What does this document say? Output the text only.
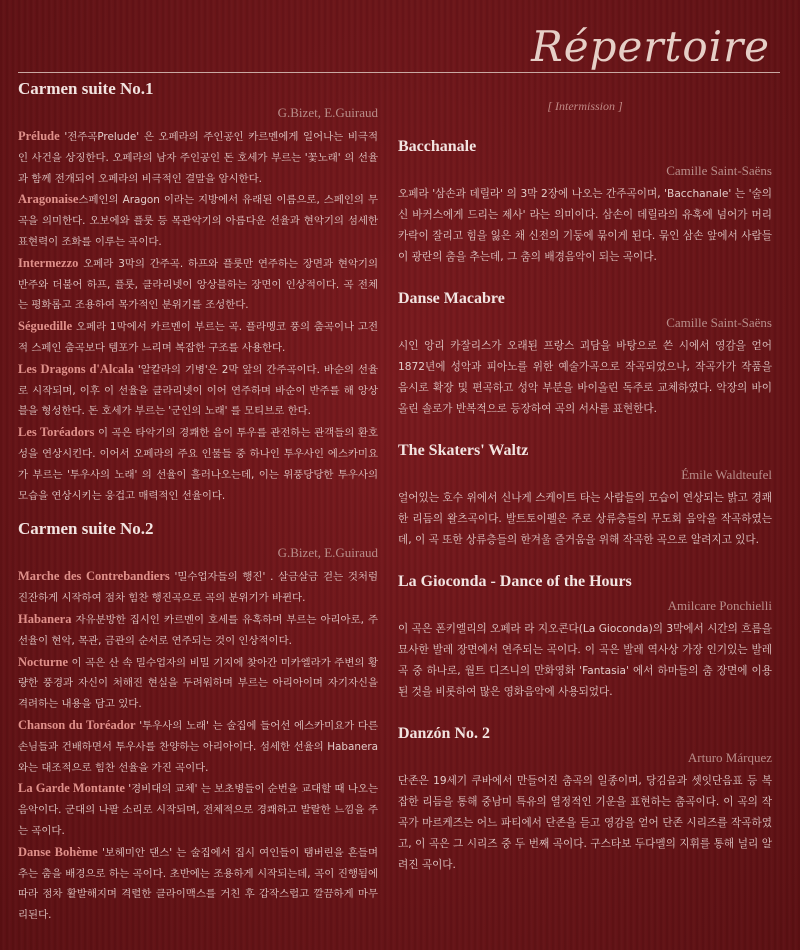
Répertoire
Carmen suite No.1
G.Bizet, E.Guiraud
Prélude '전주곡Prelude' 은 오페라의 주인공인 카르멘에게 일어나는 비극적인 사건을 상징한다. 오페라의 남자 주인공인 돈 호세가 부르는 '꽃노래' 의 선율과 함께 전개되어 오페라의 비극적인 결말을 암시한다.
Aragonaise스페인의 Aragon 이라는 지방에서 유래된 이름으로, 스페인의 무곡을 의미한다. 오보에와 플룻 등 목관악기의 아름다운 선율과 현악기의 섬세한 표현력이 조화를 이루는 곡이다.
Intermezzo 오페라 3막의 간주곡. 하프와 플룻만 연주하는 장면과 현악기의 반주와 더불어 하프, 플룻, 클라리넷이 앙상블하는 장면이 인상적이다. 곡 전체는 평화롭고 조용하여 목가적인 분위기를 조성한다.
Séguedille 오페라 1막에서 카르멘이 부르는 곡. 플라멩코 풍의 춤곡이나 고전적 스페인 춤곡보다 템포가 느리며 복잡한 구조를 사용한다.
Les Dragons d'Alcala '알칼라의 기병'은 2막 앞의 간주곡이다. 바순의 선율로 시작되며, 이후 이 선율을 클라리넷이 이어 연주하며 바순이 반주를 해 앙상블을 형성한다. 돈 호세가 부르는 '군인의 노래' 를 모티브로 한다.
Les Toréadors 이 곡은 타악기의 경쾌한 음이 투우를 관전하는 관객들의 환호성을 연상시킨다. 이어서 오페라의 주요 인물들 중 하나인 투우사인 에스카미요가 부르는 '투우사의 노래' 의 선율이 흘러나오는데, 이는 위풍당당한 투우사의 모습을 연상시키는 웅겁고 매력적인 선율이다.
Carmen suite No.2
G.Bizet, E.Guiraud
Marche des Contrebandiers '밀수업자들의 행진' . 살금살금 걷는 것처럼 진잔하게 시작하여 점차 힘찬 행진곡으로 곡의 분위기가 바뀐다.
Habanera 자유분방한 집시인 카르멘이 호세를 유혹하며 부르는 아리아로, 주선율이 현악, 목관, 금관의 순서로 연주되는 것이 인상적이다.
Nocturne 이 곡은 산 속 밀수업자의 비밀 기지에 찾아간 미카엘라가 주변의 황량한 풍경과 자신이 처해진 현실을 두려워하며 부르는 아리아이며 자기자신을 격려하는 내용을 담고 있다.
Chanson du Toréador '투우사의 노래' 는 술집에 들어선 에스카미요가 다른 손님들과 건배하면서 투우사를 찬양하는 아리아이다. 섬세한 선율의 Habanera 와는 대조적으로 힘찬 선율을 가진 곡이다.
La Garde Montante '경비대의 교체' 는 보초병들이 순번을 교대할 때 나오는 음악이다. 군대의 나팔 소리로 시작되며, 전체적으로 경쾌하고 발랄한 느낌을 주는 곡이다.
Danse Bohème '보헤미안 댄스' 는 술집에서 집시 여인들이 탬버린을 흔들며 추는 춤을 배경으로 하는 곡이다. 초반에는 조용하게 시작되는데, 곡이 진행됨에 따라 점차 활발해지며 격렬한 클라이맥스를 거친 후 갑작스럽고 깔끔하게 마무리된다.
[ Intermission ]
Bacchanale
Camille Saint-Saëns

오페라 '삼손과 데릴라' 의 3막 2장에 나오는 간주곡이며, 'Bacchanale' 는 '술의 신 바커스에게 드리는 제사' 라는 의미이다. 삼손이 데릴라의 유혹에 넘어가 머리카락이 잘리고 힘을 잃은 채 신전의 기둥에 묶이게 된다. 묶인 삼손 앞에서 사람들이 광란의 춤을 추는데, 그 춤의 배경음악이 되는 곡이다.

Danse Macabre
Camille Saint-Saëns

시인 앙리 카잘리스가 오래된 프랑스 괴담을 바탕으로 쓴 시에서 영감을 얻어 1872년에 성악과 피아노를 위한 예술가곡으로 작곡되었으나, 작곡가가 작품을 음시로 확장 및 편곡하고 성악 부분을 바이올린 독주로 교체하였다. 악장의 바이올린 솔로가 반복적으로 등장하여 곡의 서사를 표현한다.

The Skaters' Waltz
Émile Waldteufel

얼어있는 호수 위에서 신나게 스케이트 타는 사람들의 모습이 연상되는 밝고 경쾌한 리듬의 왈츠곡이다. 발트토이펠은 주로 상류층들의 무도회 음악을 작곡하였는데, 이 곡 또한 상류층들의 한겨울 즐거움을 위해 작곡한 곡으로 알려지고 있다.

La Gioconda - Dance of the Hours
Amilcare Ponchielli

이 곡은 폰키엘리의 오페라 라 지오콘다(La Gioconda)의 3막에서 시간의 흐름을 묘사한 발레 장면에서 연주되는 곡이다. 이 곡은 발레 역사상 가장 인기있는 발레곡 중 하나로, 월트 디즈니의 만화영화 'Fantasia' 에서 하마들의 춤 장면에 이용된 것을 비롯하여 많은 영화음악에 사용되었다.

Danzón No. 2
Arturo Márquez

단존은 19세기 쿠바에서 만들어진 춤곡의 일종이며, 당김음과 셋잇단음표 등 복잡한 리듬을 통해 중남미 특유의 열정적인 기운을 표현하는 춤곡이다. 이 곡의 작곡가 마르케즈는 어느 파티에서 단존을 듣고 영감을 얻어 단존 시리즈를 작곡하였고, 이 곡은 그 시리즈 중 두 번째 곡이다. 구스타보 두다멜의 지휘를 통해 널리 알려진 곡이다.
